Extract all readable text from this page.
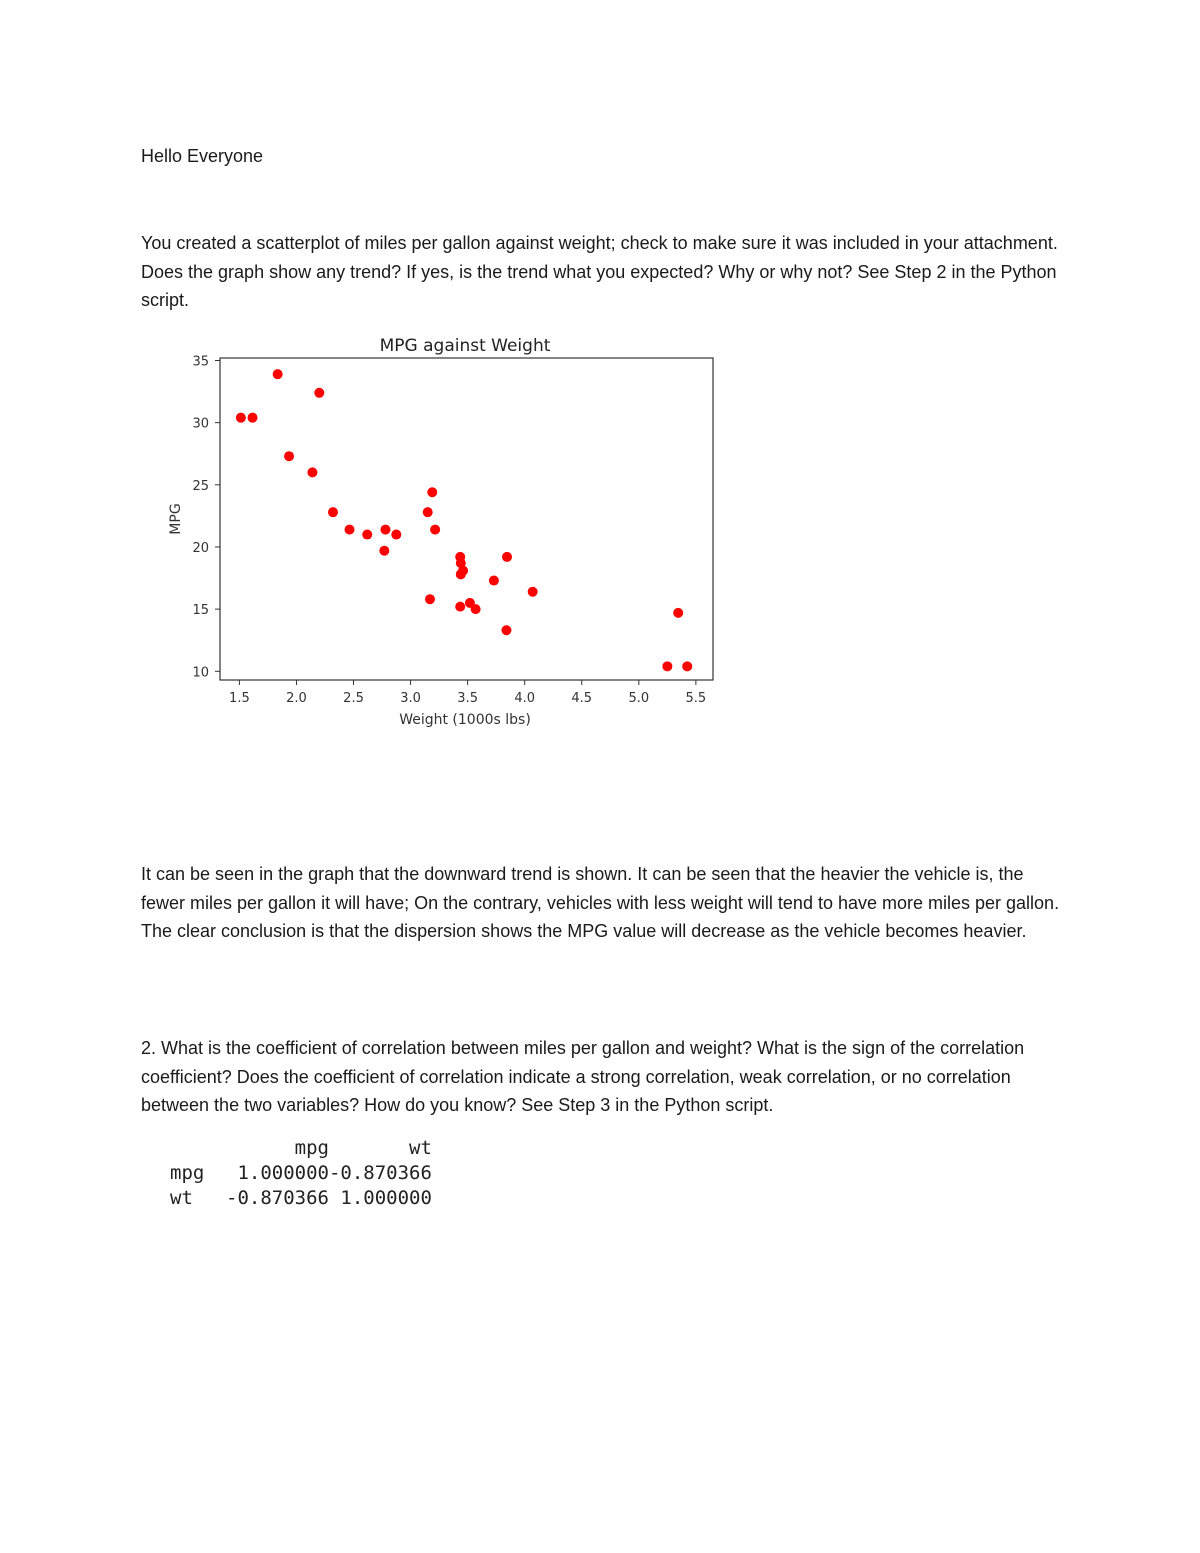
Hello Everyone

You created a scatterplot of miles per gallon against weight; check to make sure it was included in your attachment. Does the graph show any trend? If yes, is the trend what you expected? Why or why not? See Step 2 in the Python script.

MPG against Weight
1.5	2.0	2.5	3.0	3.5	4.0	4.5	5.0	5.5
10
15
20
25
30
35
Weight (1000s lbs)
MPG

It can be seen in the graph that the downward trend is shown. It can be seen that the heavier the vehicle is, the fewer miles per gallon it will have; On the contrary, vehicles with less weight will tend to have more miles per gallon. The clear conclusion is that the dispersion shows the MPG value will decrease as the vehicle becomes heavier.

2. What is the coefficient of correlation between miles per gallon and weight? What is the sign of the correlation coefficient? Does the coefficient of correlation indicate a strong correlation, weak correlation, or no correlation between the two variables? How do you know? See Step 3 in the Python script.

	mpg	wt
mpg	1.000000	-0.870366
wt	-0.870366	1.000000
